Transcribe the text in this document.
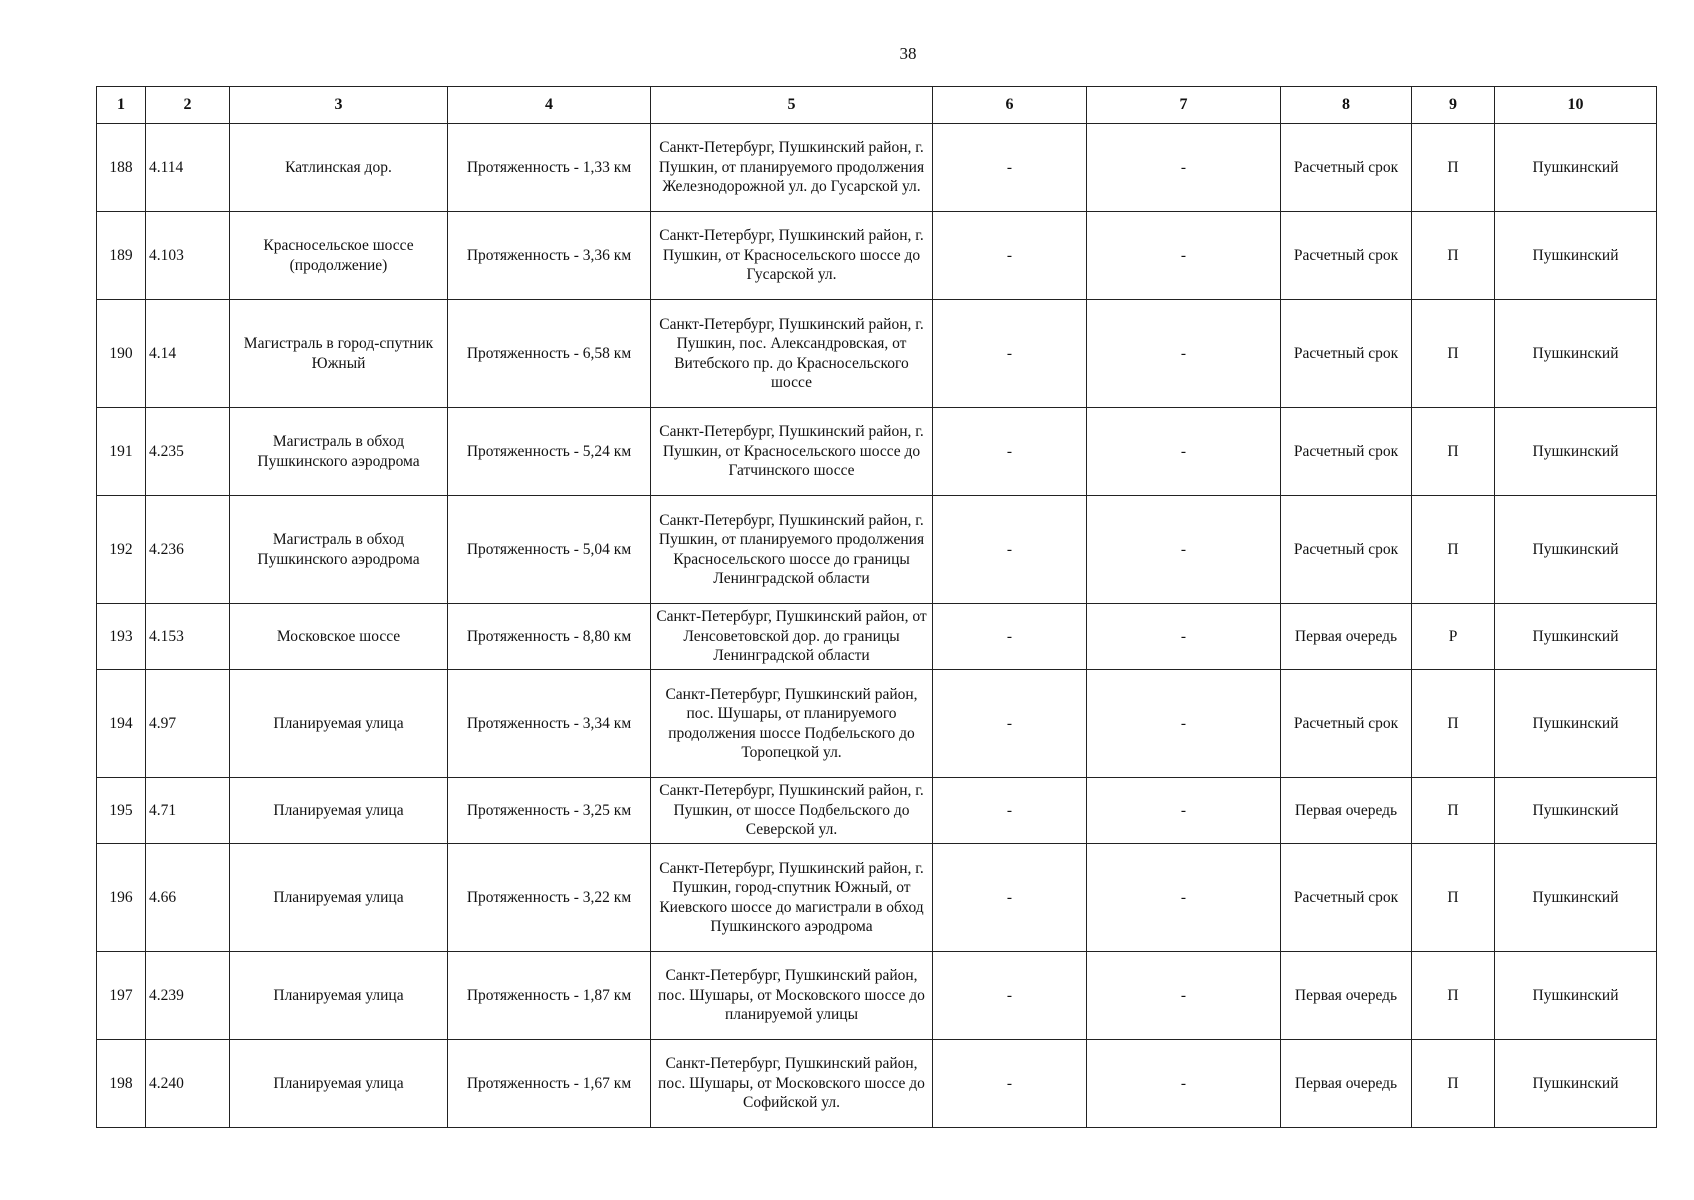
38
1	2	3	4	5	6	7	8	9	10
188	4.114	Катлинская дор.	Протяженность - 1,33 км	Санкт-Петербург, Пушкинский район, г. Пушкин, от планируемого продолжения Железнодорожной ул. до Гусарской ул.	-	-	Расчетный срок	П	Пушкинский
189	4.103	Красносельское шоссе (продолжение)	Протяженность - 3,36 км	Санкт-Петербург, Пушкинский район, г. Пушкин, от Красносельского шоссе до Гусарской ул.	-	-	Расчетный срок	П	Пушкинский
190	4.14	Магистраль в город-спутник Южный	Протяженность - 6,58 км	Санкт-Петербург, Пушкинский район, г. Пушкин, пос. Александровская, от Витебского пр. до Красносельского шоссе	-	-	Расчетный срок	П	Пушкинский
191	4.235	Магистраль в обход Пушкинского аэродрома	Протяженность - 5,24 км	Санкт-Петербург, Пушкинский район, г. Пушкин, от Красносельского шоссе до Гатчинского шоссе	-	-	Расчетный срок	П	Пушкинский
192	4.236	Магистраль в обход Пушкинского аэродрома	Протяженность - 5,04 км	Санкт-Петербург, Пушкинский район, г. Пушкин, от планируемого продолжения Красносельского шоссе до границы Ленинградской области	-	-	Расчетный срок	П	Пушкинский
193	4.153	Московское шоссе	Протяженность - 8,80 км	Санкт-Петербург, Пушкинский район, от Ленсоветовской дор. до границы Ленинградской области	-	-	Первая очередь	Р	Пушкинский
194	4.97	Планируемая улица	Протяженность - 3,34 км	Санкт-Петербург, Пушкинский район, пос. Шушары, от планируемого продолжения шоссе Подбельского до Торопецкой ул.	-	-	Расчетный срок	П	Пушкинский
195	4.71	Планируемая улица	Протяженность - 3,25 км	Санкт-Петербург, Пушкинский район, г. Пушкин, от шоссе Подбельского до Северской ул.	-	-	Первая очередь	П	Пушкинский
196	4.66	Планируемая улица	Протяженность - 3,22 км	Санкт-Петербург, Пушкинский район, г. Пушкин, город-спутник Южный, от Киевского шоссе до магистрали в обход Пушкинского аэродрома	-	-	Расчетный срок	П	Пушкинский
197	4.239	Планируемая улица	Протяженность - 1,87 км	Санкт-Петербург, Пушкинский район, пос. Шушары, от Московского шоссе до планируемой улицы	-	-	Первая очередь	П	Пушкинский
198	4.240	Планируемая улица	Протяженность - 1,67 км	Санкт-Петербург, Пушкинский район, пос. Шушары, от Московского шоссе до Софийской ул.	-	-	Первая очередь	П	Пушкинский
